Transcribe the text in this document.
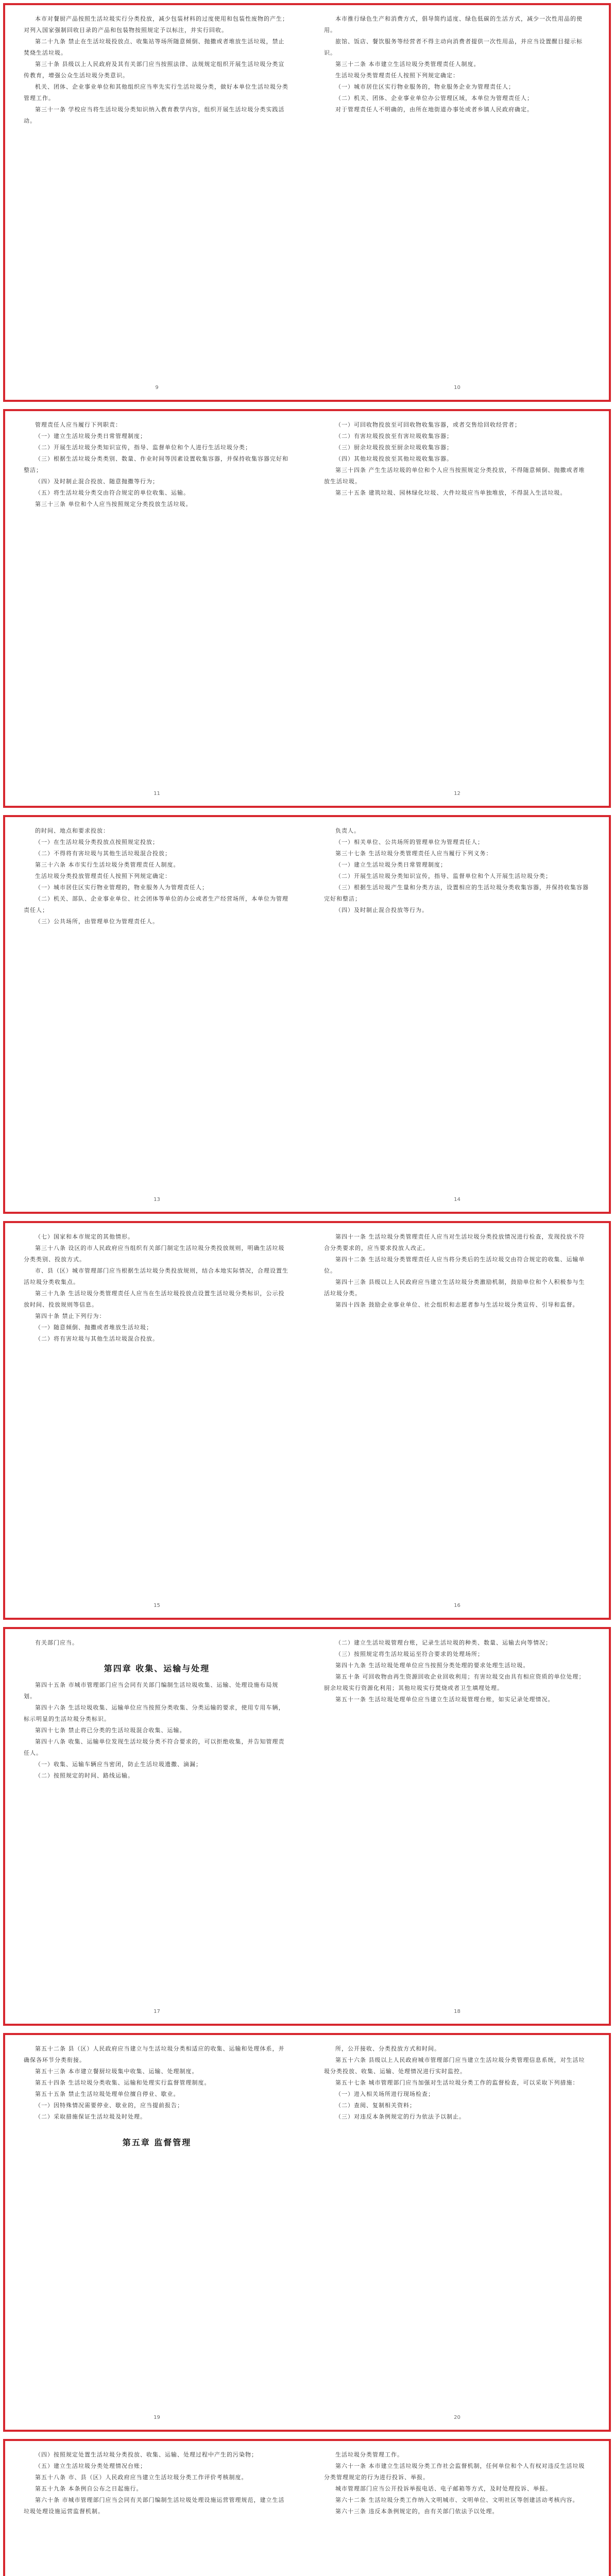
本市对餐厨产品按照生活垃圾实行分类投放，减少包装材料的过度使用和包装性废物的产生；对列入国家强制回收目录的产品和包装物按照规定予以标注，并实行回收。

第二十九条 禁止在生活垃圾投放点、收集站等场所随意倾倒、抛撒或者堆放生活垃圾，禁止焚烧生活垃圾。

第三十条 县级以上人民政府及其有关部门应当按照法律、法规规定组织开展生活垃圾分类宣传教育，增强公众生活垃圾分类意识。

机关、团体、企业事业单位和其他组织应当率先实行生活垃圾分类，做好本单位生活垃圾分类管理工作。

第三十一条 学校应当将生活垃圾分类知识纳入教育教学内容，组织开展生活垃圾分类实践活动。

9

本市推行绿色生产和消费方式，倡导简约适度、绿色低碳的生活方式，减少一次性用品的使用。

旅馆、饭店、餐饮服务等经营者不得主动向消费者提供一次性用品，并应当设置醒目提示标识。

第三十二条 本市建立生活垃圾分类管理责任人制度。

生活垃圾分类管理责任人按照下列规定确定：

（一）城市居住区实行物业服务的，物业服务企业为管理责任人；

（二）机关、团体、企业事业单位办公管理区域，本单位为管理责任人；

对于管理责任人不明确的，由所在地街道办事处或者乡镇人民政府确定。

10

管理责任人应当履行下列职责：

（一）建立生活垃圾分类日常管理制度；

（二）开展生活垃圾分类知识宣传，指导、监督单位和个人进行生活垃圾分类；

（三）根据生活垃圾分类类别、数量、作业时间等因素设置收集容器，并保持收集容器完好和整洁；

（四）及时制止混合投放、随意抛撒等行为；

（五）将生活垃圾分类交由符合规定的单位收集、运输。

第三十三条 单位和个人应当按照规定分类投放生活垃圾。

11

（一）可回收物投放至可回收物收集容器，或者交售给回收经营者；

（二）有害垃圾投放至有害垃圾收集容器；

（三）厨余垃圾投放至厨余垃圾收集容器；

（四）其他垃圾投放至其他垃圾收集容器。

第三十四条 产生生活垃圾的单位和个人应当按照规定分类投放，不得随意倾倒、抛撒或者堆放生活垃圾。

第三十五条 建筑垃圾、园林绿化垃圾、大件垃圾应当单独堆放，不得混入生活垃圾。

12

的时间、地点和要求投放：

（一）在生活垃圾分类投放点按照规定投放；

（二）不得将有害垃圾与其他生活垃圾混合投放；

第三十六条 本市实行生活垃圾分类管理责任人制度。

生活垃圾分类投放管理责任人按照下列规定确定：

（一）城市居住区实行物业管理的，物业服务人为管理责任人；

（二）机关、部队、企业事业单位、社会团体等单位的办公或者生产经营场所，本单位为管理责任人；

（三）公共场所，由管理单位为管理责任人。

13

负责人。

（一）相关单位、公共场所的管理单位为管理责任人；

第三十七条 生活垃圾分类管理责任人应当履行下列义务：

（一）建立生活垃圾分类日常管理制度；

（二）开展生活垃圾分类知识宣传，指导、监督单位和个人开展生活垃圾分类；

（三）根据生活垃圾产生量和分类方法，设置相应的生活垃圾分类收集容器，并保持收集容器完好和整洁；

（四）及时制止混合投放等行为。

14

（七）国家和本市规定的其他情形。

第三十八条 设区的市人民政府应当组织有关部门制定生活垃圾分类投放规则，明确生活垃圾分类类别、投放方式。

市、县（区）城市管理部门应当根据生活垃圾分类投放规则，结合本地实际情况，合理设置生活垃圾分类收集点。

第三十九条 生活垃圾分类管理责任人应当在生活垃圾投放点设置生活垃圾分类标识，公示投放时间、投放规则等信息。

第四十条 禁止下列行为：

（一）随意倾倒、抛撒或者堆放生活垃圾；

（二）将有害垃圾与其他生活垃圾混合投放。

15

第四十一条 生活垃圾分类管理责任人应当对生活垃圾分类投放情况进行检查，发现投放不符合分类要求的，应当要求投放人改正。

第四十二条 生活垃圾分类管理责任人应当将分类后的生活垃圾交由符合规定的收集、运输单位。

第四十三条 县级以上人民政府应当建立生活垃圾分类激励机制，鼓励单位和个人积极参与生活垃圾分类。

第四十四条 鼓励企业事业单位、社会组织和志愿者参与生活垃圾分类宣传、引导和监督。

16

有关部门应当。

第四章 收集、运输与处理

第四十五条 市城市管理部门应当会同有关部门编制生活垃圾收集、运输、处理设施布局规划。

第四十六条 生活垃圾收集、运输单位应当按照分类收集、分类运输的要求，使用专用车辆，标示明显的生活垃圾分类标识。

第四十七条 禁止将已分类的生活垃圾混合收集、运输。

第四十八条 收集、运输单位发现生活垃圾分类不符合要求的，可以拒绝收集，并告知管理责任人。

（一）收集、运输车辆应当密闭，防止生活垃圾遗撒、滴漏；

（二）按照规定的时间、路线运输。

17

（二）建立生活垃圾管理台账，记录生活垃圾的种类、数量、运输去向等情况；

（三）按照规定将生活垃圾运至符合要求的处理场所；

第四十九条 生活垃圾处理单位应当按照分类处理的要求处理生活垃圾。

第五十条 可回收物由再生资源回收企业回收利用；有害垃圾交由具有相应资质的单位处理；厨余垃圾实行资源化利用；其他垃圾实行焚烧或者卫生填埋处理。

第五十一条 生活垃圾处理单位应当建立生活垃圾管理台账，如实记录处理情况。

18

第五十二条 县（区）人民政府应当建立与生活垃圾分类相适应的收集、运输和处理体系，并确保各环节分类衔接。

第五十三条 本市建立餐厨垃圾集中收集、运输、处理制度。

第五十四条 生活垃圾分类收集、运输和处理实行监督管理制度。

第五十五条 禁止生活垃圾处理单位擅自停业、歇业。

（一）因特殊情况需要停业、歇业的，应当提前报告；

（二）采取措施保证生活垃圾及时处理。

第五章 监督管理
19

所，公开接收、分类投放方式和时间。

第五十六条 县级以上人民政府城市管理部门应当建立生活垃圾分类管理信息系统，对生活垃圾分类投放、收集、运输、处理情况进行实时监控。

第五十七条 城市管理部门应当加强对生活垃圾分类工作的监督检查，可以采取下列措施：

（一）进入相关场所进行现场检查；

（二）查阅、复制相关资料；

（三）对违反本条例规定的行为依法予以制止。

20

（四）按照规定处置生活垃圾分类投放、收集、运输、处理过程中产生的污染物；

（五）建立生活垃圾分类处理情况台账；

第五十八条 市、县（区）人民政府应当建立生活垃圾分类工作评价考核制度。

第五十九条 本条例自公布之日起施行。

第六十条 市城市管理部门应当会同有关部门编制生活垃圾处理设施运营管理规范，建立生活垃圾处理设施运营监督机制。

生活垃圾分类管理工作。

第六十一条 本市建立生活垃圾分类工作社会监督机制，任何单位和个人有权对违反生活垃圾分类管理规定的行为进行投诉、举报。

城市管理部门应当公开投诉举报电话、电子邮箱等方式，及时处理投诉、举报。

第六十二条 生活垃圾分类工作纳入文明城市、文明单位、文明社区等创建活动考核内容。

第六十三条 违反本条例规定的，由有关部门依法予以处理。
